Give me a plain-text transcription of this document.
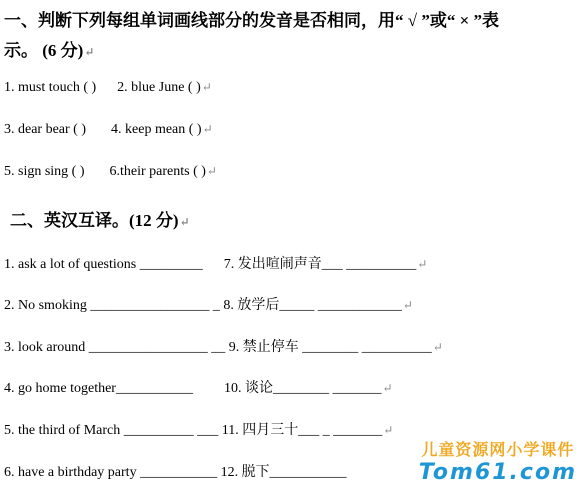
一、判断下列每组单词画线部分的发音是否相同，用“ √ ”或“ × ”表
示。 (6 分)↵
1. must touch ( ) 2. blue June ( )↵
3. dear bear ( ) 4. keep mean ( )↵
5. sign sing ( ) 6.their parents ( )↵
二、英汉互译。(12 分)↵
1. ask a lot of questions _________ 7. 发出喧闹声音___ __________↵
2. No smoking _________________ _ 8. 放学后_____ ____________↵
3. look around _________________ __ 9. 禁止停车 ________ __________↵
4. go home together___________ 10. 谈论________ _______↵
5. the third of March __________ ___ 11. 四月三十___ _ _______↵
6. have a birthday party ___________ 12. 脱下___________
儿童资源网小学课件
Tom61.com
